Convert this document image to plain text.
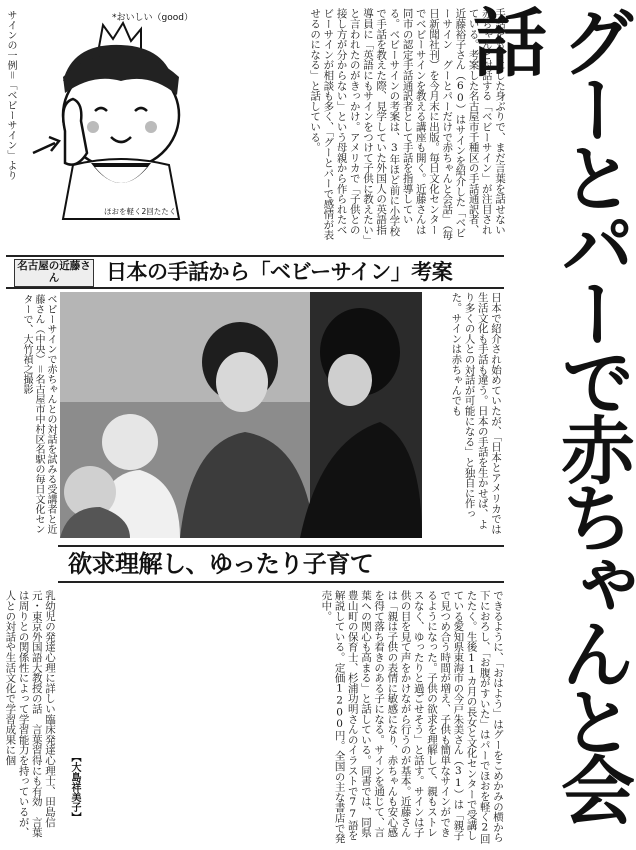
グーとパーで赤ちゃんと会話
*おいしい（good）
ほおを軽く2回たたく
サインの一例＝「ベビーサイン」より	手話をもとにした身ぶりで、まだ言葉を話せない赤ちゃんと対話する「ベビーサイン」が注目されている。考案した名古屋市千種区の手話通訳者、近藤裕子さん（60）はサインを紹介した「ベビーサイン　グーとパーだけで赤ちゃんと会話」（毎日新聞社刊）を今月末に出版。毎日文化センターでベビーサインを教える講座も開く。近藤さんは同市の認定手話通訳者として手話を指導している。ベビーサインの考案は、3年ほど前に小学校で手話を教えた際、見学していた外国人の英語指導員に「英語にもサインをつけて子供に教えたい」と言われたのがきっかけ。アメリカで「子供との接し方が分からない」という母親から作られたベビーサインが相談も多く、「グーとパーで感情が表せるのになる」と話している。
名古屋の近藤さん	日本の手話から「ベビーサイン」考案
ベビーサインで赤ちゃんとの対話を試みる受講者と近藤さん（中央）＝名古屋市中村区名駅の毎日文化センターで、大竹禎之撮影	日本で紹介され始めていたが、「日本とアメリカでは生活文化も手話も違う。日本の手話を生かせば、より多くの人との対話が可能になる」と独自に作った。サインは赤ちゃんでも
欲求理解し、ゆったり子育て
乳幼児の発達心理に詳しい臨床発達心理士、田島信元・東京外国語大教授の話　言葉習得にも有効　言葉は周りとの関係性によって学習能力を持っているが、人との対話や生活文化で学習成果に個	できるように、「おはよう」はグーをこめかみの横から下におろし、「お腹がすいた」はパーでほおを軽く2回たたく。生後11カ月の長女と文化センターで受講している愛知県東海市の今戸朱美さん（31）は「親子で見つめ合う時間が増え、子供も簡単なサインができるようになった。子供の欲求を理解して、親もストレスなく、ゆったりと過ごせそう」と話す。サインは子供の目を見て声をかけながら行うのが基本。近藤さんは「親は子供の表情に敏感になり、赤ちゃんも安心感を得て落ち着きのある子になる。サインを通じて、言葉への関心も高まる」と話している。同書では、同県豊山町の保育士、杉浦功明さんのイラストで77語を解説している。定価1200円。全国の主な書店で発売中。
【大島祥美子】
